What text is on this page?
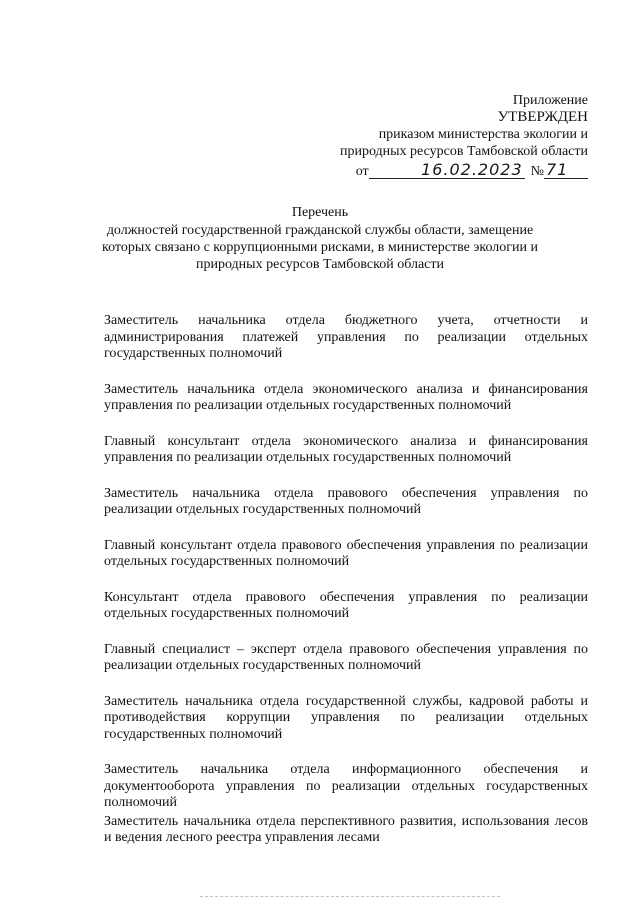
Приложение
УТВЕРЖДЕН
приказом министерства экологии и
природных ресурсов Тамбовской области
от	16.02.2023 № 71
Перечень
должностей государственной гражданской службы области, замещение которых связано с коррупционными рисками, в министерстве экологии и природных ресурсов Тамбовской области

Заместитель начальника отдела бюджетного учета, отчетности и администрирования платежей управления по реализации отдельных государственных полномочий

Заместитель начальника отдела экономического анализа и финансирования управления по реализации отдельных государственных полномочий

Главный консультант отдела экономического анализа и финансирования управления по реализации отдельных государственных полномочий

Заместитель начальника отдела правового обеспечения управления по реализации отдельных государственных полномочий

Главный консультант отдела правового обеспечения управления по реализации отдельных государственных полномочий

Консультант отдела правового обеспечения управления по реализации отдельных государственных полномочий

Главный специалист – эксперт отдела правового обеспечения управления по реализации отдельных государственных полномочий

Заместитель начальника отдела государственной службы, кадровой работы и противодействия коррупции управления по реализации отдельных государственных полномочий

Заместитель начальника отдела информационного обеспечения и документооборота управления по реализации отдельных государственных полномочий

Заместитель начальника отдела перспективного развития, использования лесов и ведения лесного реестра управления лесами
